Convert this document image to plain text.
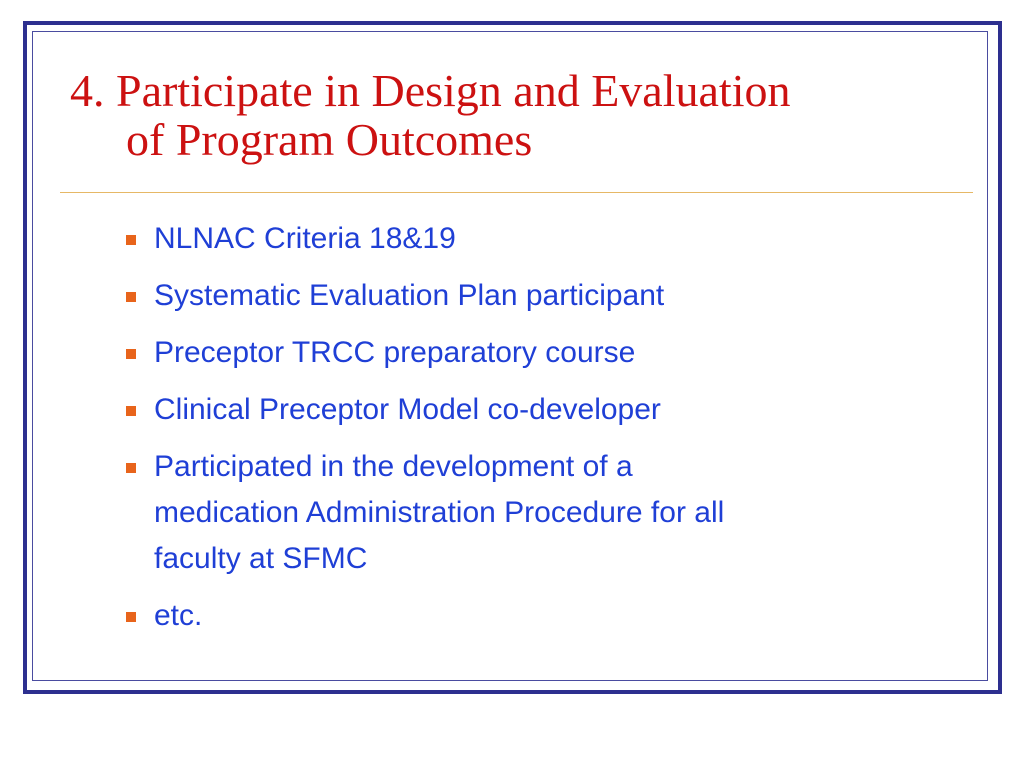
4. Participate in Design and Evaluation
of Program Outcomes
NLNAC Criteria 18&19
Systematic Evaluation Plan participant
Preceptor TRCC preparatory course
Clinical Preceptor Model co-developer
Participated in the development of a
medication Administration Procedure for all
faculty at SFMC
etc.
